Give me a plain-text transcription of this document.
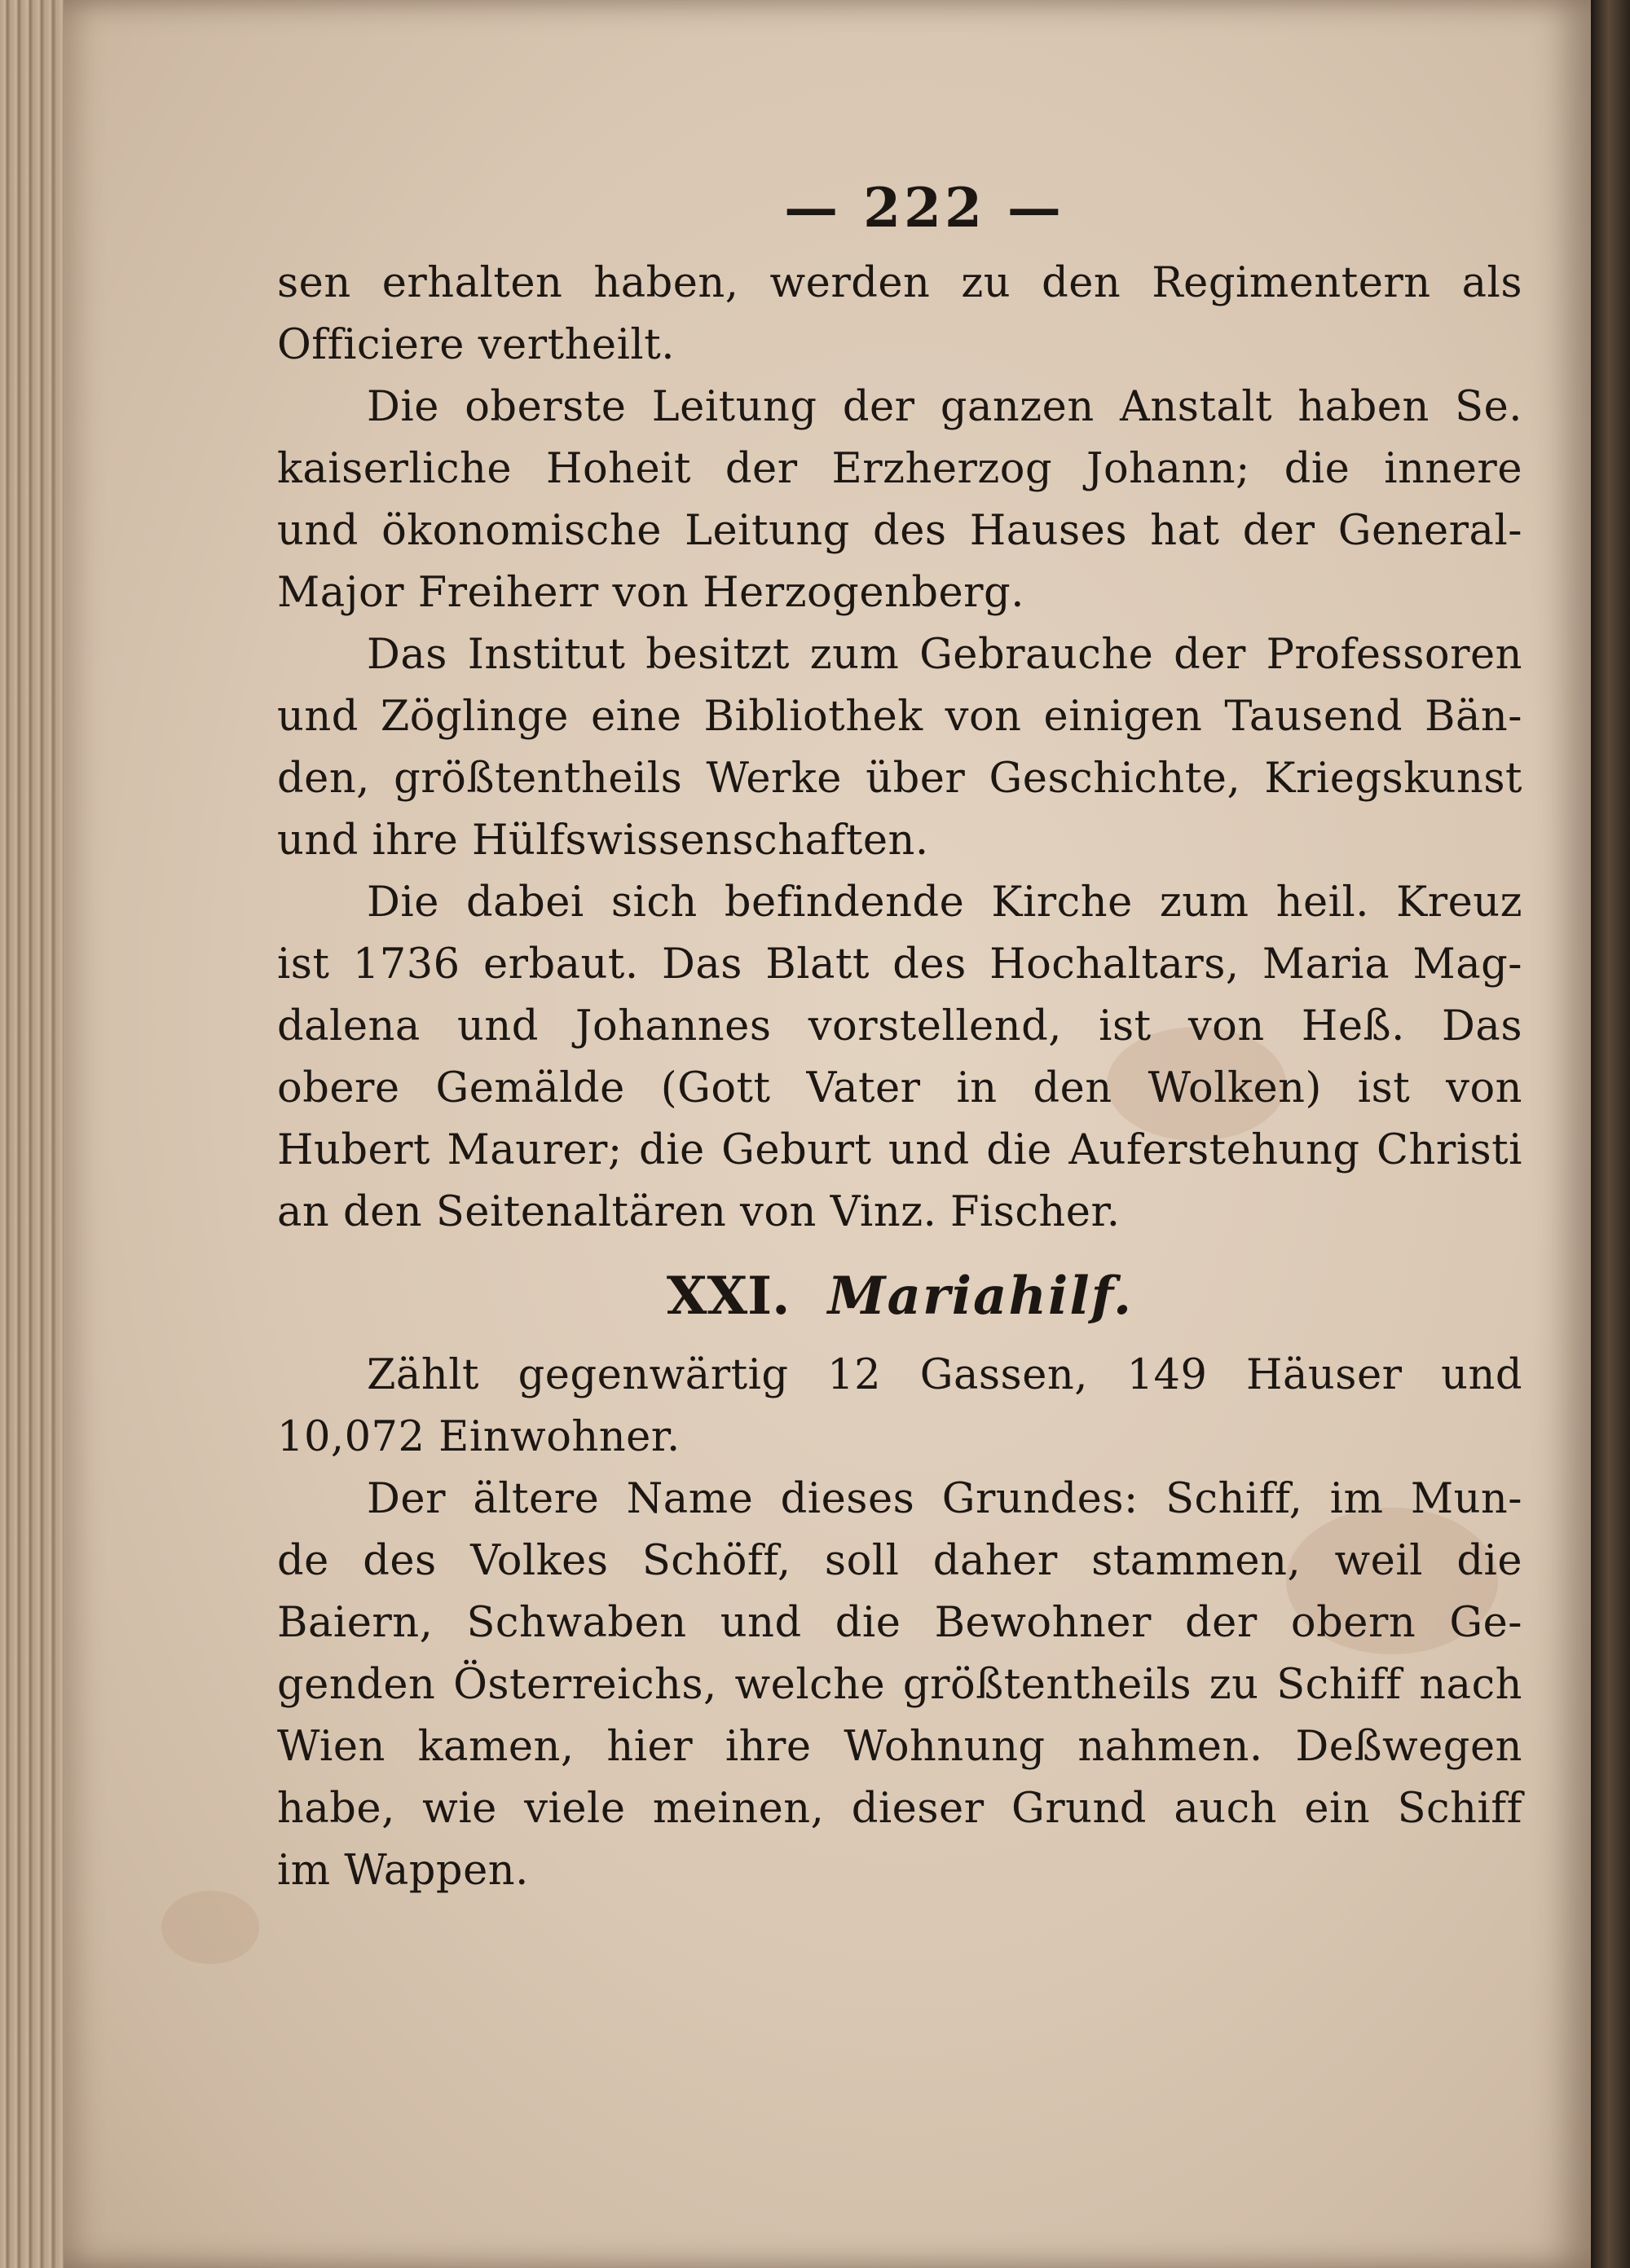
— 222 —
sen erhalten haben, werden zu den Regimentern als
Officiere vertheilt.
Die oberste Leitung der ganzen Anstalt haben Se.
kaiserliche Hoheit der Erzherzog Johann; die innere
und ökonomische Leitung des Hauses hat der General-
Major Freiherr von Herzogenberg.
Das Institut besitzt zum Gebrauche der Professoren
und Zöglinge eine Bibliothek von einigen Tausend Bän-
den, größtentheils Werke über Geschichte, Kriegskunst
und ihre Hülfswissenschaften.
Die dabei sich befindende Kirche zum heil. Kreuz
ist 1736 erbaut. Das Blatt des Hochaltars, Maria Mag-
dalena und Johannes vorstellend, ist von Heß. Das
obere Gemälde (Gott Vater in den Wolken) ist von
Hubert Maurer; die Geburt und die Auferstehung Christi
an den Seitenaltären von Vinz. Fischer.
XXI. Mariahilf.
Zählt gegenwärtig 12 Gassen, 149 Häuser und
10,072 Einwohner.
Der ältere Name dieses Grundes: Schiff, im Mun-
de des Volkes Schöff, soll daher stammen, weil die
Baiern, Schwaben und die Bewohner der obern Ge-
genden Österreichs, welche größtentheils zu Schiff nach
Wien kamen, hier ihre Wohnung nahmen. Deßwegen
habe, wie viele meinen, dieser Grund auch ein Schiff
im Wappen.
